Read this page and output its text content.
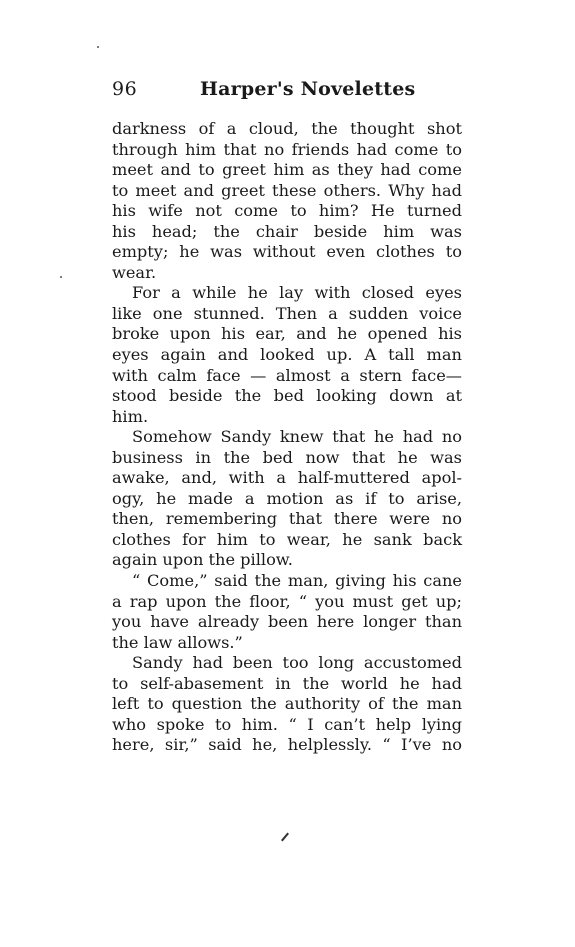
96	Harper's Novelettes
darkness of a cloud, the thought shot
through him that no friends had come to
meet and to greet him as they had come
to meet and greet these others. Why had
his wife not come to him? He turned
his head; the chair beside him was
empty; he was without even clothes to
wear.
For a while he lay with closed eyes
like one stunned. Then a sudden voice
broke upon his ear, and he opened his
eyes again and looked up. A tall man
with calm face — almost a stern face—
stood beside the bed looking down at
him.
Somehow Sandy knew that he had no
business in the bed now that he was
awake, and, with a half-muttered apol-
ogy, he made a motion as if to arise,
then, remembering that there were no
clothes for him to wear, he sank back
again upon the pillow.
“ Come,” said the man, giving his cane
a rap upon the floor, “ you must get up;
you have already been here longer than
the law allows.”
Sandy had been too long accustomed
to self-abasement in the world he had
left to question the authority of the man
who spoke to him. “ I can’t help lying
here, sir,” said he, helplessly. “ I’ve no
